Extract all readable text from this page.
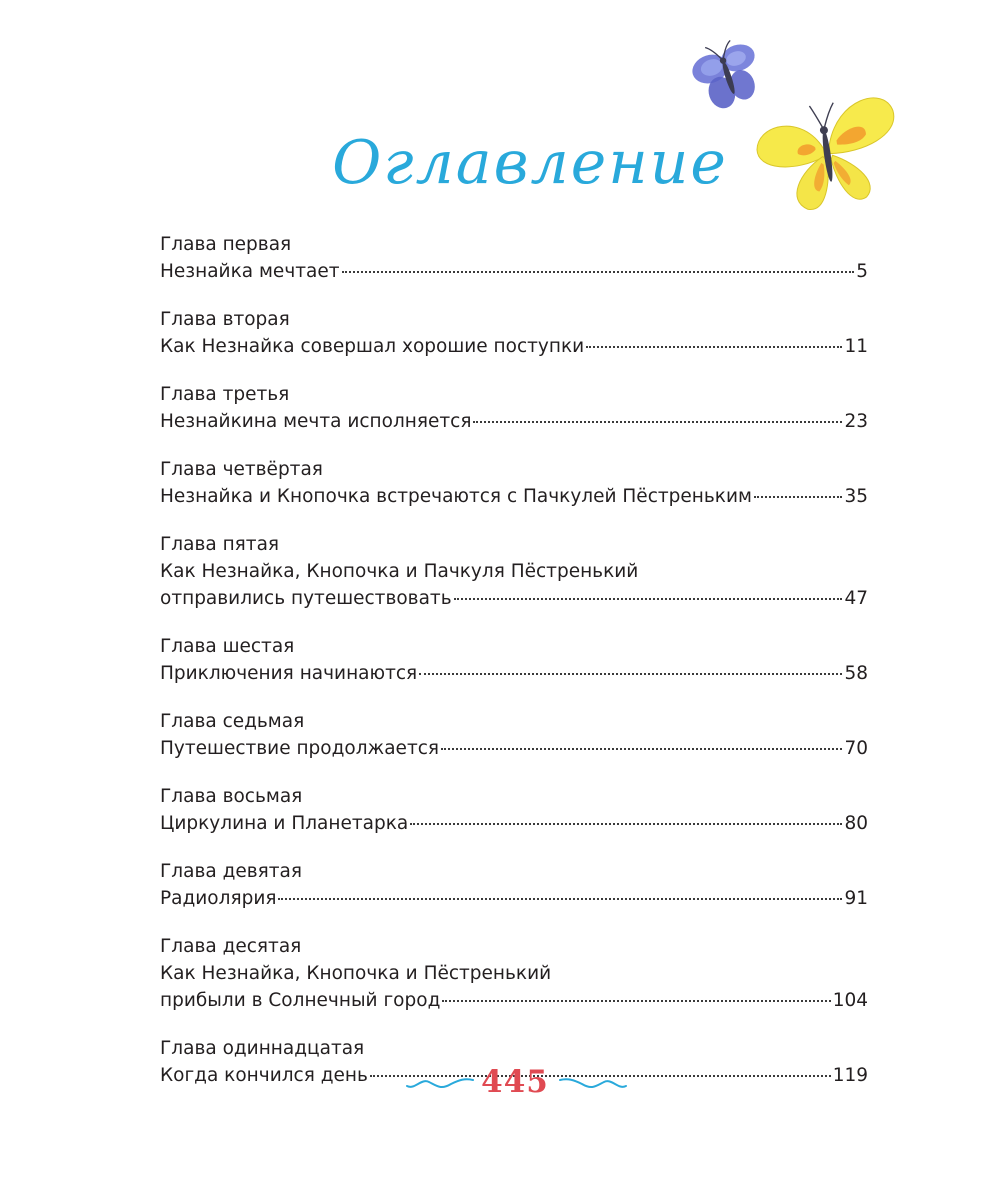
Оглавление
Глава первая
Незнайка мечтает	5
Глава вторая
Как Незнайка совершал хорошие поступки	11
Глава третья
Незнайкина мечта исполняется	23
Глава четвёртая
Незнайка и Кнопочка встречаются с Пачкулей Пёстреньким	35
Глава пятая
Как Незнайка, Кнопочка и Пачкуля Пёстренький
отправились путешествовать	47
Глава шестая
Приключения начинаются	58
Глава седьмая
Путешествие продолжается	70
Глава восьмая
Циркулина и Планетарка	80
Глава девятая
Радиолярия	91
Глава десятая
Как Незнайка, Кнопочка и Пёстренький
прибыли в Солнечный город	104
Глава одиннадцатая
Когда кончился день	119
445
